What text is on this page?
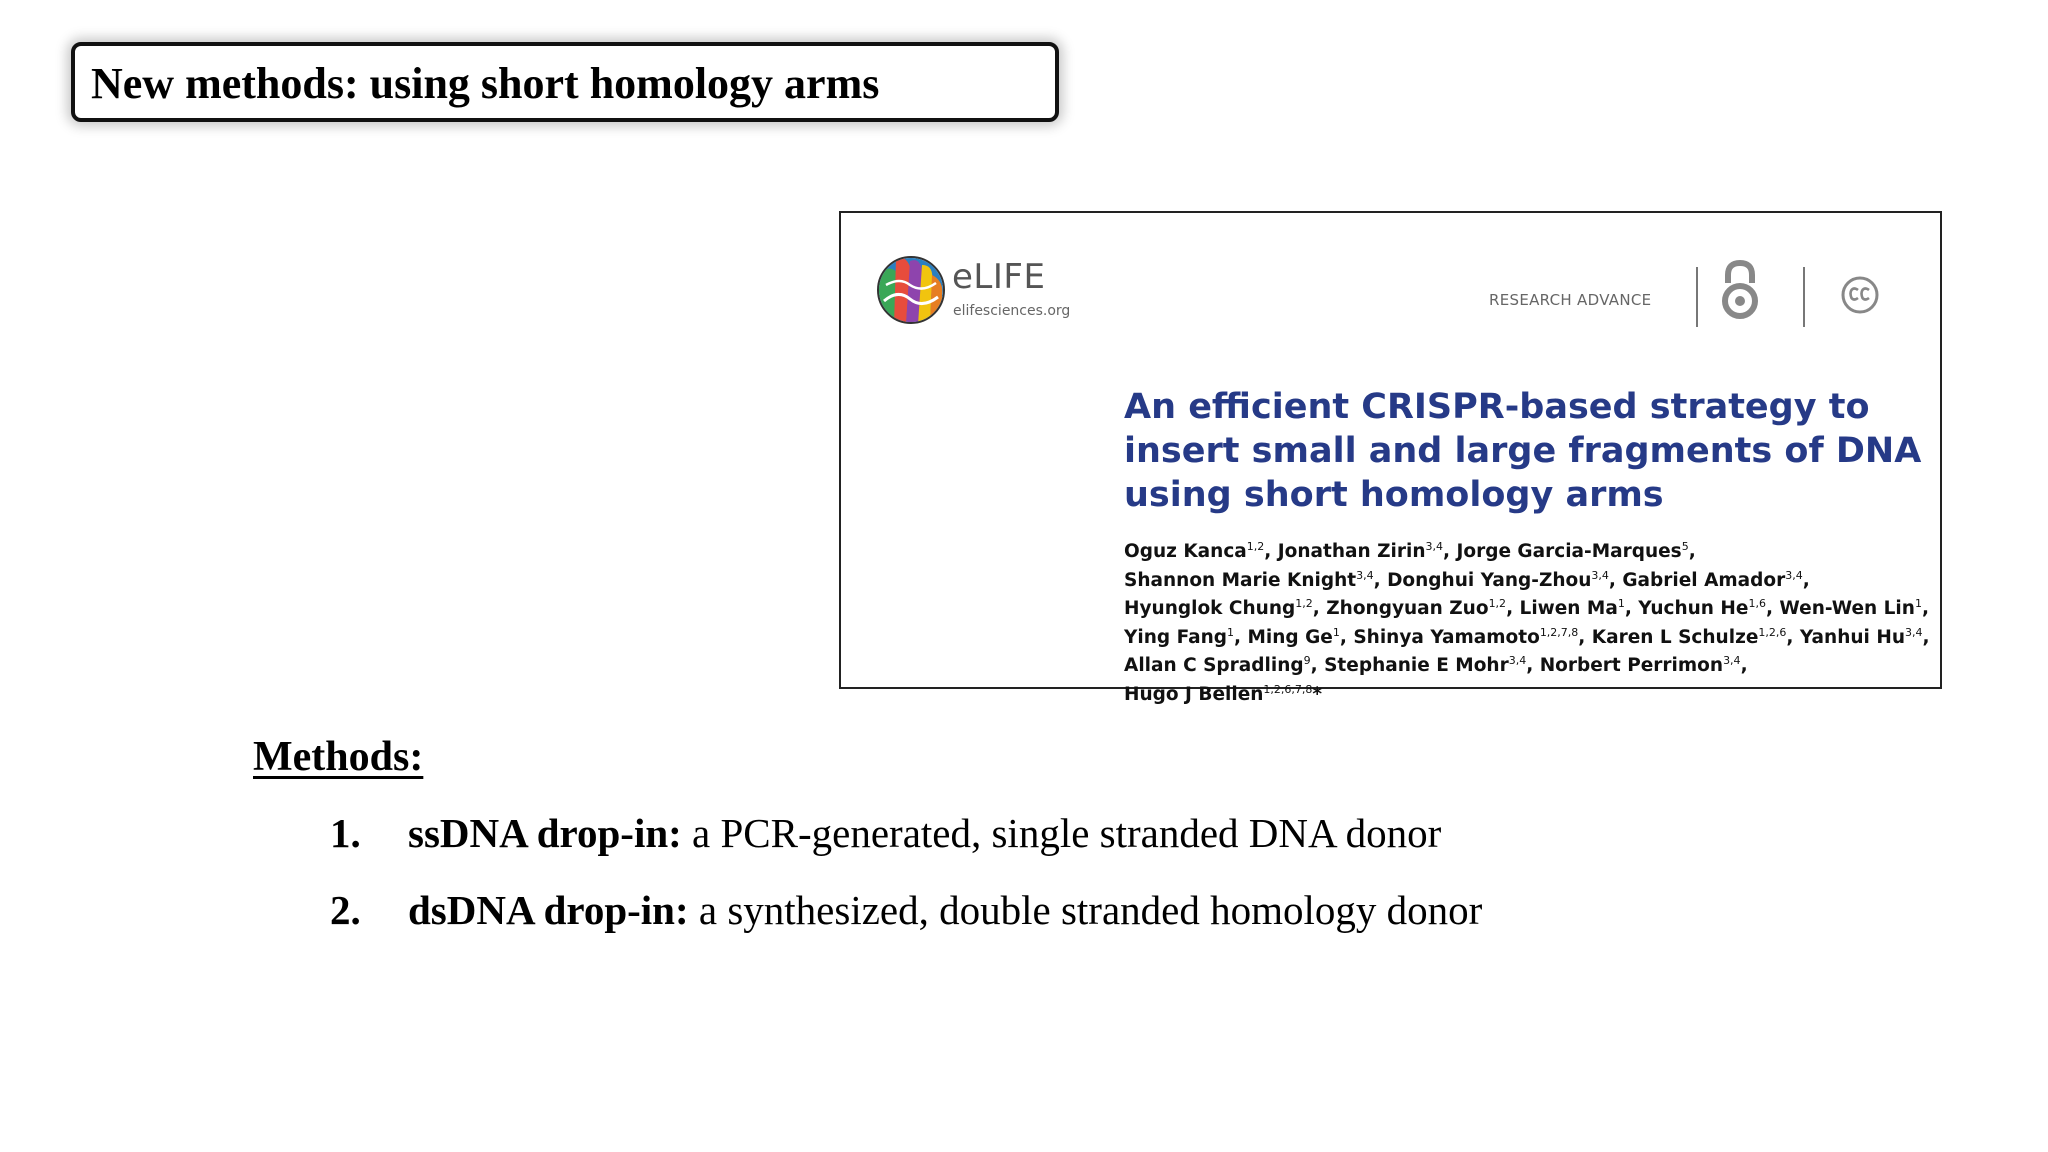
New methods: using short homology arms
eLIFE
elifesciences.org
RESEARCH ADVANCE
An efficient CRISPR-based strategy to
insert small and large fragments of DNA
using short homology arms
Oguz Kanca$^{1,2}$, Jonathan Zirin$^{3,4}$, Jorge Garcia-Marques$^5$,
Shannon Marie Knight$^{3,4}$, Donghui Yang-Zhou$^{3,4}$, Gabriel Amador$^{3,4}$,
Hyunglok Chung$^{1,2}$, Zhongyuan Zuo$^{1,2}$, Liwen Ma$^1$, Yuchun He$^{1,6}$, Wen-Wen Lin$^1$,
Ying Fang$^1$, Ming Ge$^1$, Shinya Yamamoto$^{1,2,7,8}$, Karen L Schulze$^{1,2,6}$, Yanhui Hu$^{3,4}$,
Allan C Spradling$^9$, Stephanie E Mohr$^{3,4}$, Norbert Perrimon$^{3,4}$,
Hugo J Bellen$^{1,2,6,7,8}$*
Methods:
1. ssDNA drop-in: a PCR-generated, single stranded DNA donor
2. dsDNA drop-in: a synthesized, double stranded homology donor
